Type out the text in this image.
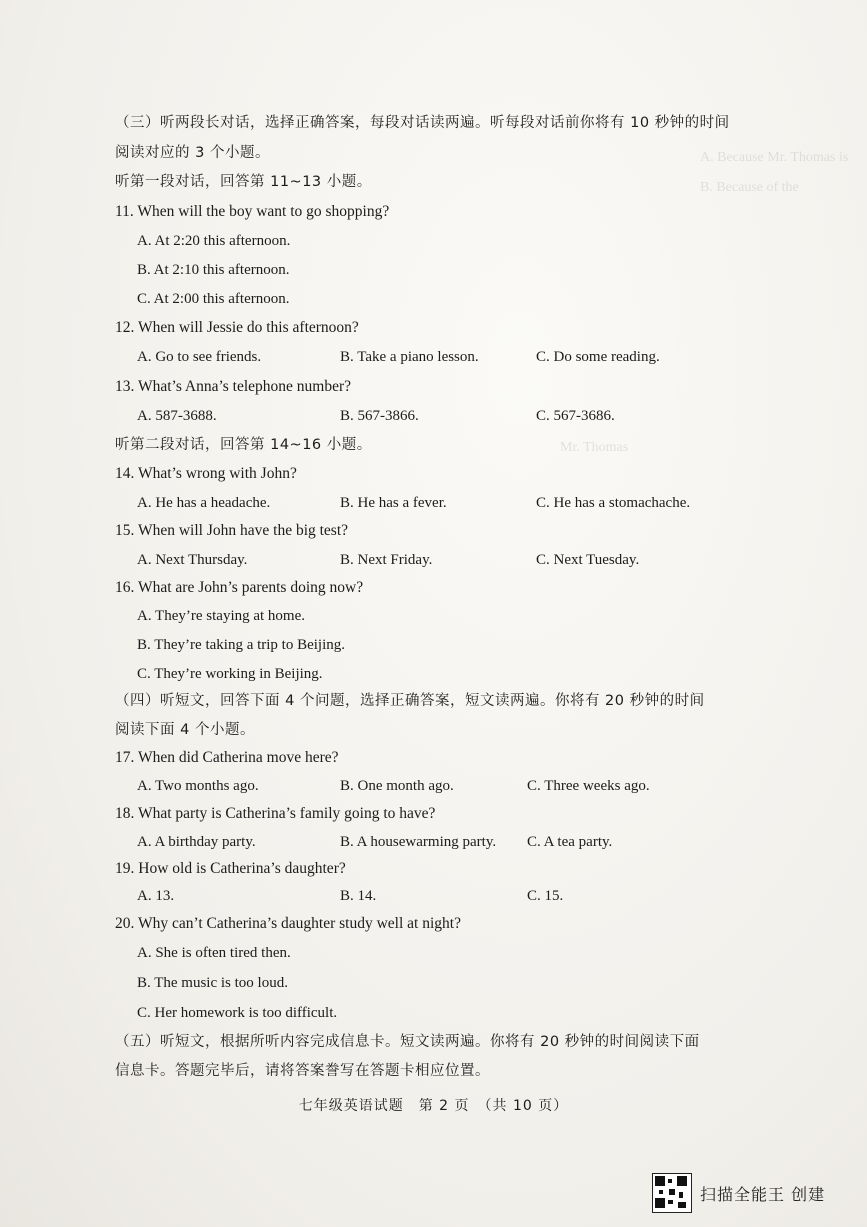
A. Because Mr. Thomas is
B. Because of the
Mr. Thomas
（三）听两段长对话，选择正确答案，每段对话读两遍。听每段对话前你将有 10 秒钟的时间
阅读对应的 3 个小题。
听第一段对话，回答第 11~13 小题。
11. When will the boy want to go shopping?
A. At 2:20 this afternoon.
B. At 2:10 this afternoon.
C. At 2:00 this afternoon.
12. When will Jessie do this afternoon?
A. Go to see friends.	B. Take a piano lesson.	C. Do some reading.
13. What’s Anna’s telephone number?
A. 587-3688.	B. 567-3866.	C. 567-3686.
听第二段对话，回答第 14~16 小题。
14. What’s wrong with John?
A. He has a headache.	B. He has a fever.	C. He has a stomachache.
15. When will John have the big test?
A. Next Thursday.	B. Next Friday.	C. Next Tuesday.
16. What are John’s parents doing now?
A. They’re staying at home.
B. They’re taking a trip to Beijing.
C. They’re working in Beijing.
（四）听短文，回答下面 4 个问题，选择正确答案，短文读两遍。你将有 20 秒钟的时间
阅读下面 4 个小题。
17. When did Catherina move here?
A. Two months ago.	B. One month ago.	C. Three weeks ago.
18. What party is Catherina’s family going to have?
A. A birthday party.	B. A housewarming party. C. A tea party.
19. How old is Catherina’s daughter?
A. 13.	B. 14.	C. 15.
20. Why can’t Catherina’s daughter study well at night?
A. She is often tired then.
B. The music is too loud.
C. Her homework is too difficult.
（五）听短文，根据所听内容完成信息卡。短文读两遍。你将有 20 秒钟的时间阅读下面
信息卡。答题完毕后，请将答案誊写在答题卡相应位置。
七年级英语试题　第 2 页　（共 10 页）
扫描全能王 创建
